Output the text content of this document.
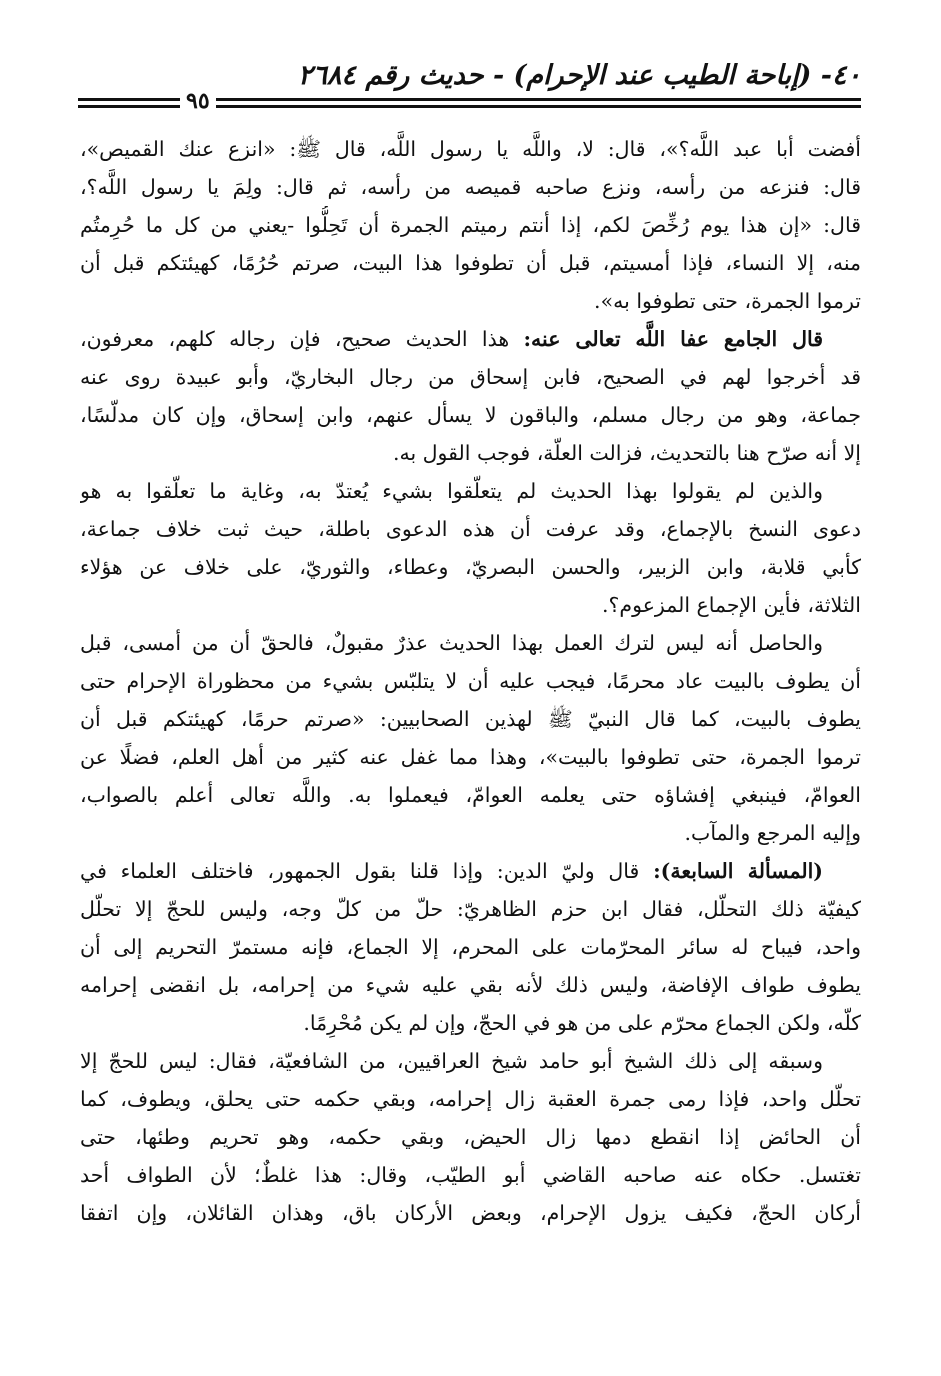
٤٠- (إباحة الطيب عند الإحرام) - حديث رقم ٢٦٨٤
٩٥
أفضت أبا عبد اللَّه؟»، قال: لا، واللَّه يا رسول اللَّه، قال ﷺ: «انزع عنك القميص»،
قال: فنزعه من رأسه، ونزع صاحبه قميصه من رأسه، ثم قال: ولِمَ يا رسول اللَّه؟،
قال: «إن هذا يوم رُخِّصَ لكم، إذا أنتم رميتم الجمرة أن تَحِلُّوا -يعني من كل ما حُرِمتُم
منه، إلا النساء، فإذا أمسيتم، قبل أن تطوفوا هذا البيت، صرتم حُرُمًا، كهيئتكم قبل أن
ترموا الجمرة، حتى تطوفوا به».
قال الجامع عفا اللَّه تعالى عنه: هذا الحديث صحيح، فإن رجاله كلهم، معرفون،
قد أخرجوا لهم في الصحيح، فابن إسحاق من رجال البخاريّ، وأبو عبيدة روى عنه
جماعة، وهو من رجال مسلم، والباقون لا يسأل عنهم، وابن إسحاق، وإن كان مدلّسًا،
إلا أنه صرّح هنا بالتحديث، فزالت العلّة، فوجب القول به.
والذين لم يقولوا بهذا الحديث لم يتعلّقوا بشيء يُعتدّ به، وغاية ما تعلّقوا به هو
دعوى النسخ بالإجماع، وقد عرفت أن هذه الدعوى باطلة، حيث ثبت خلاف جماعة،
كأبي قلابة، وابن الزبير، والحسن البصريّ، وعطاء، والثوريّ، على خلاف عن هؤلاء
الثلاثة، فأين الإجماع المزعوم؟.
والحاصل أنه ليس لترك العمل بهذا الحديث عذرٌ مقبولٌ، فالحقّ أن من أمسى، قبل
أن يطوف بالبيت عاد محرمًا، فيجب عليه أن لا يتلبّس بشيء من محظوراة الإحرام حتى
يطوف بالبيت، كما قال النبيّ ﷺ لهذين الصحابيين: «صرتم حرمًا، كهيئتكم قبل أن
ترموا الجمرة، حتى تطوفوا بالبيت»، وهذا مما غفل عنه كثير من أهل العلم، فضلًا عن
العوامّ، فينبغي إفشاؤه حتى يعلمه العوامّ، فيعملوا به. واللَّه تعالى أعلم بالصواب،
وإليه المرجع والمآب.
(المسألة السابعة): قال وليّ الدين: وإذا قلنا بقول الجمهور، فاختلف العلماء في
كيفيّة ذلك التحلّل، فقال ابن حزم الظاهريّ: حلّ من كلّ وجه، وليس للحجّ إلا تحلّل
واحد، فيباح له سائر المحرّمات على المحرم، إلا الجماع، فإنه مستمرّ التحريم إلى أن
يطوف طواف الإفاضة، وليس ذلك لأنه بقي عليه شيء من إحرامه، بل انقضى إحرامه
كلّه، ولكن الجماع محرّم على من هو في الحجّ، وإن لم يكن مُحْرِمًا.
وسبقه إلى ذلك الشيخ أبو حامد شيخ العراقيين، من الشافعيّة، فقال: ليس للحجّ إلا
تحلّل واحد، فإذا رمى جمرة العقبة زال إحرامه، وبقي حكمه حتى يحلق، ويطوف، كما
أن الحائض إذا انقطع دمها زال الحيض، وبقي حكمه، وهو تحريم وطئها، حتى
تغتسل. حكاه عنه صاحبه القاضي أبو الطيّب، وقال: هذا غلطٌ؛ لأن الطواف أحد
أركان الحجّ، فكيف يزول الإحرام، وبعض الأركان باق، وهذان القائلان، وإن اتفقا
